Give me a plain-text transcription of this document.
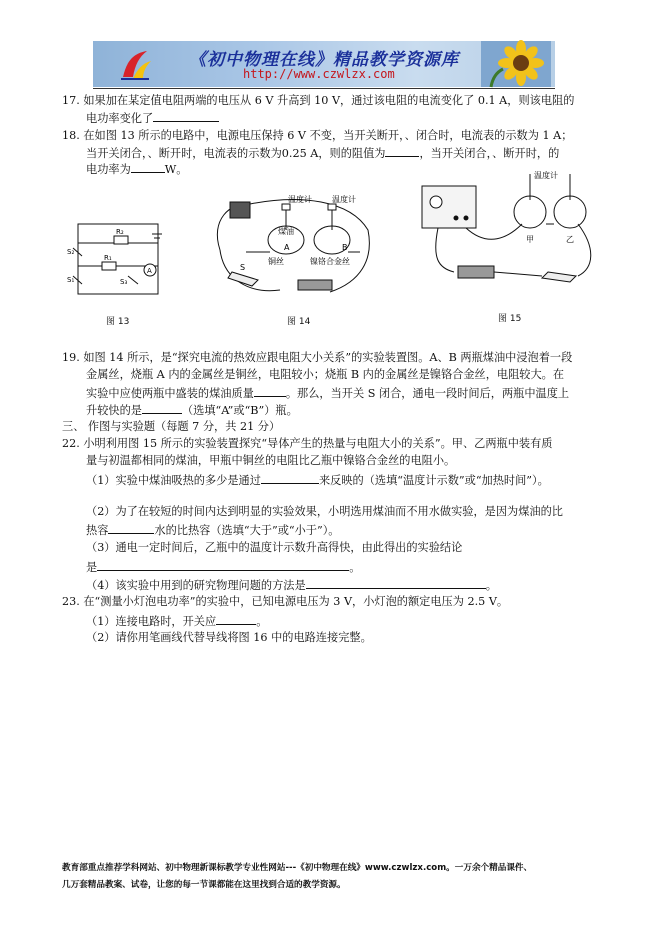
《初中物理在线》精品教学资源库
http://www.czwlzx.com
17. 如果加在某定值电阻两端的电压从 6 V 升高到 10 V，通过该电阻的电流变化了 0.1 A，则该电阻的
电功率变化了
18. 在如图 13 所示的电路中，电源电压保持 6 V 不变，当开关断开，、闭合时，电流表的示数为 1 A；
当开关闭合，、断开时，电流表的示数为0.25 A，则的阻值为	，当开关闭合，、断开时，的
电功率为	W。
S₂
R₂
R₁
S₁	S₃
A
图 13
温度计	温度计
煤油
A	B
铜丝	镍铬合金丝
S
图 14
温度计
甲	乙
图 15
19. 如图 14 所示，是“探究电流的热效应跟电阻大小关系”的实验装置图。A、B 两瓶煤油中浸泡着一段
金属丝，烧瓶 A 内的金属丝是铜丝，电阻较小；烧瓶 B 内的金属丝是镍铬合金丝，电阻较大。在
实验中应使两瓶中盛装的煤油质量	。那么，当开关 S 闭合，通电一段时间后，两瓶中温度上
升较快的是	（选填“A”或“B”）瓶。
三、 作图与实验题（每题 7 分，共 21 分）
22. 小明利用图 15 所示的实验装置探究“导体产生的热量与电阻大小的关系”。甲、乙两瓶中装有质
量与初温都相同的煤油，甲瓶中铜丝的电阻比乙瓶中镍铬合金丝的电阻小。
（1）实验中煤油吸热的多少是通过	来反映的（选填“温度计示数”或“加热时间”）。
（2）为了在较短的时间内达到明显的实验效果，小明选用煤油而不用水做实验，是因为煤油的比
热容	水的比热容（选填“大于”或“小于”）。
（3）通电一定时间后，乙瓶中的温度计示数升高得快，由此得出的实验结论
是	。
（4）该实验中用到的研究物理问题的方法是	。
23. 在“测量小灯泡电功率”的实验中，已知电源电压为 3 V，小灯泡的额定电压为 2.5 V。
（1）连接电路时，开关应	。
（2）请你用笔画线代替导线将图 16 中的电路连接完整。
教育部重点推荐学科网站、初中物理新课标教学专业性网站---《初中物理在线》www.czwlzx.com。一万余个精品课件、
几万套精品教案、试卷，让您的每一节课都能在这里找到合适的教学资源。
